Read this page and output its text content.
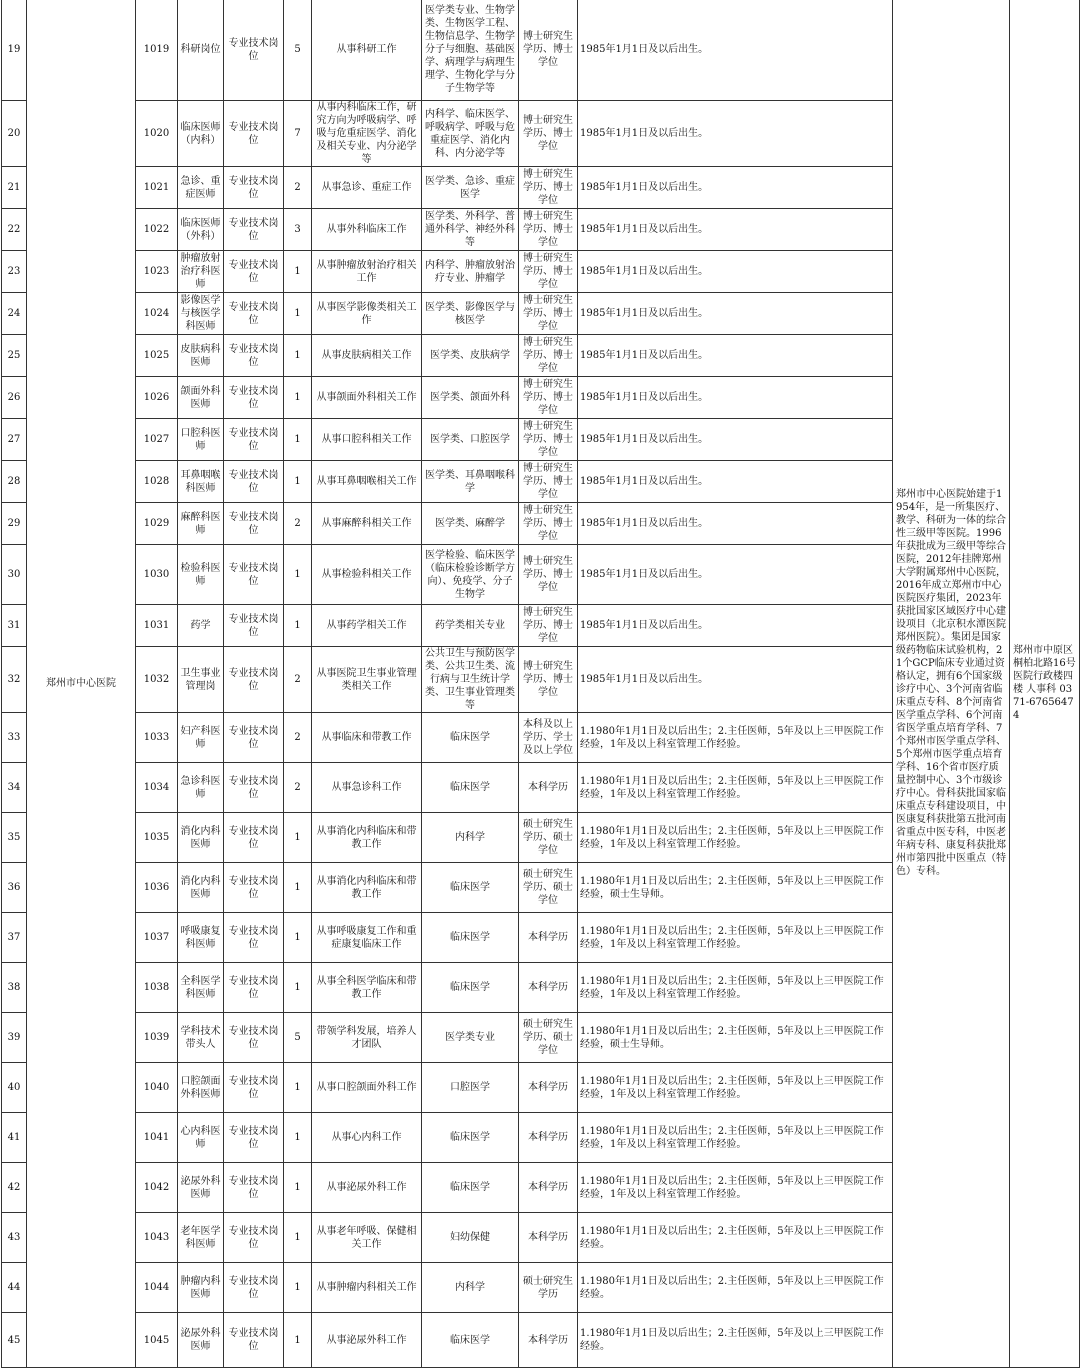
19	郑州市中心医院	1019	科研岗位	专业技术岗位	5	从事科研工作	医学类专业、生物学类、生物医学工程、生物信息学、生物学分子与细胞、基础医学、病理学与病理生理学、生物化学与分子生物学等	博士研究生学历、博士学位	1985年1月1日及以后出生。	郑州市中心医院始建于1954年，是一所集医疗、教学、科研为一体的综合性三级甲等医院。1996年获批成为三级甲等综合医院，2012年挂牌郑州大学附属郑州中心医院，2016年成立郑州市中心医院医疗集团，2023年获批国家区域医疗中心建设项目（北京积水潭医院郑州医院）。集团是国家级药物临床试验机构，21个GCP临床专业通过资格认定，拥有6个国家级诊疗中心、3个河南省临床重点专科、8个河南省医学重点学科、6个河南省医学重点培育学科、7个郑州市医学重点学科、5个郑州市医学重点培育学科、16个省市医疗质量控制中心、3个市级诊疗中心。骨科获批国家临床重点专科建设项目，中医康复科获批第五批河南省重点中医专科，中医老年病专科、康复科获批郑州市第四批中医重点（特色）专科。	郑州市中原区桐柏北路16号医院行政楼四楼 人事科 0371-67656474
20		1020	临床医师（内科）	专业技术岗位	7	从事内科临床工作，研究方向为呼吸病学、呼吸与危重症医学、消化及相关专业、内分泌学等	内科学、临床医学、呼吸病学、呼吸与危重症医学、消化内科、内分泌学等	博士研究生学历、博士学位	1985年1月1日及以后出生。		
21		1021	急诊、重症医师	专业技术岗位	2	从事急诊、重症工作	医学类、急诊、重症医学	博士研究生学历、博士学位	1985年1月1日及以后出生。		
22		1022	临床医师（外科）	专业技术岗位	3	从事外科临床工作	医学类、外科学、普通外科学、神经外科等	博士研究生学历、博士学位	1985年1月1日及以后出生。		
23		1023	肿瘤放射治疗科医师	专业技术岗位	1	从事肿瘤放射治疗相关工作	内科学、肿瘤放射治疗专业、肿瘤学	博士研究生学历、博士学位	1985年1月1日及以后出生。		
24		1024	影像医学与核医学科医师	专业技术岗位	1	从事医学影像类相关工作	医学类、影像医学与核医学	博士研究生学历、博士学位	1985年1月1日及以后出生。		
25		1025	皮肤病科医师	专业技术岗位	1	从事皮肤病相关工作	医学类、皮肤病学	博士研究生学历、博士学位	1985年1月1日及以后出生。		
26		1026	颌面外科医师	专业技术岗位	1	从事颌面外科相关工作	医学类、颌面外科	博士研究生学历、博士学位	1985年1月1日及以后出生。		
27		1027	口腔科医师	专业技术岗位	1	从事口腔科相关工作	医学类、口腔医学	博士研究生学历、博士学位	1985年1月1日及以后出生。		
28		1028	耳鼻咽喉科医师	专业技术岗位	1	从事耳鼻咽喉相关工作	医学类、耳鼻咽喉科学	博士研究生学历、博士学位	1985年1月1日及以后出生。		
29		1029	麻醉科医师	专业技术岗位	2	从事麻醉科相关工作	医学类、麻醉学	博士研究生学历、博士学位	1985年1月1日及以后出生。		
30		1030	检验科医师	专业技术岗位	1	从事检验科相关工作	医学检验、临床医学（临床检验诊断学方向）、免疫学、分子生物学	博士研究生学历、博士学位	1985年1月1日及以后出生。		
31		1031	药学	专业技术岗位	1	从事药学相关工作	药学类相关专业	博士研究生学历、博士学位	1985年1月1日及以后出生。		
32		1032	卫生事业管理岗	专业技术岗位	2	从事医院卫生事业管理类相关工作	公共卫生与预防医学类、公共卫生类、流行病与卫生统计学类、卫生事业管理类等	博士研究生学历、博士学位	1985年1月1日及以后出生。		
33		1033	妇产科医师	专业技术岗位	2	从事临床和带教工作	临床医学	本科及以上学历、学士及以上学位	1.1980年1月1日及以后出生；2.主任医师，5年及以上三甲医院工作经验，1年及以上科室管理工作经验。		
34		1034	急诊科医师	专业技术岗位	2	从事急诊科工作	临床医学	本科学历	1.1980年1月1日及以后出生；2.主任医师，5年及以上三甲医院工作经验，1年及以上科室管理工作经验。		
35		1035	消化内科医师	专业技术岗位	1	从事消化内科临床和带教工作	内科学	硕士研究生学历、硕士学位	1.1980年1月1日及以后出生；2.主任医师，5年及以上三甲医院工作经验，1年及以上科室管理工作经验。		
36		1036	消化内科医师	专业技术岗位	1	从事消化内科临床和带教工作	临床医学	硕士研究生学历、硕士学位	1.1980年1月1日及以后出生；2.主任医师，5年及以上三甲医院工作经验，硕士生导师。		
37		1037	呼吸康复科医师	专业技术岗位	1	从事呼吸康复工作和重症康复临床工作	临床医学	本科学历	1.1980年1月1日及以后出生；2.主任医师，5年及以上三甲医院工作经验，1年及以上科室管理工作经验。		
38		1038	全科医学科医师	专业技术岗位	1	从事全科医学临床和带教工作	临床医学	本科学历	1.1980年1月1日及以后出生；2.主任医师，5年及以上三甲医院工作经验，1年及以上科室管理工作经验。		
39		1039	学科技术带头人	专业技术岗位	5	带领学科发展，培养人才团队	医学类专业	硕士研究生学历、硕士学位	1.1980年1月1日及以后出生；2.主任医师，5年及以上三甲医院工作经验，硕士生导师。		
40		1040	口腔颌面外科医师	专业技术岗位	1	从事口腔颌面外科工作	口腔医学	本科学历	1.1980年1月1日及以后出生；2.主任医师，5年及以上三甲医院工作经验，1年及以上科室管理工作经验。		
41		1041	心内科医师	专业技术岗位	1	从事心内科工作	临床医学	本科学历	1.1980年1月1日及以后出生；2.主任医师，5年及以上三甲医院工作经验，1年及以上科室管理工作经验。		
42		1042	泌尿外科医师	专业技术岗位	1	从事泌尿外科工作	临床医学	本科学历	1.1980年1月1日及以后出生；2.主任医师，5年及以上三甲医院工作经验，1年及以上科室管理工作经验。		
43		1043	老年医学科医师	专业技术岗位	1	从事老年呼吸、保健相关工作	妇幼保健	本科学历	1.1980年1月1日及以后出生；2.主任医师，5年及以上三甲医院工作经验。		
44		1044	肿瘤内科医师	专业技术岗位	1	从事肿瘤内科相关工作	内科学	硕士研究生学历	1.1980年1月1日及以后出生；2.主任医师，5年及以上三甲医院工作经验。		
45		1045	泌尿外科医师	专业技术岗位	1	从事泌尿外科工作	临床医学	本科学历	1.1980年1月1日及以后出生；2.主任医师，5年及以上三甲医院工作经验。		
